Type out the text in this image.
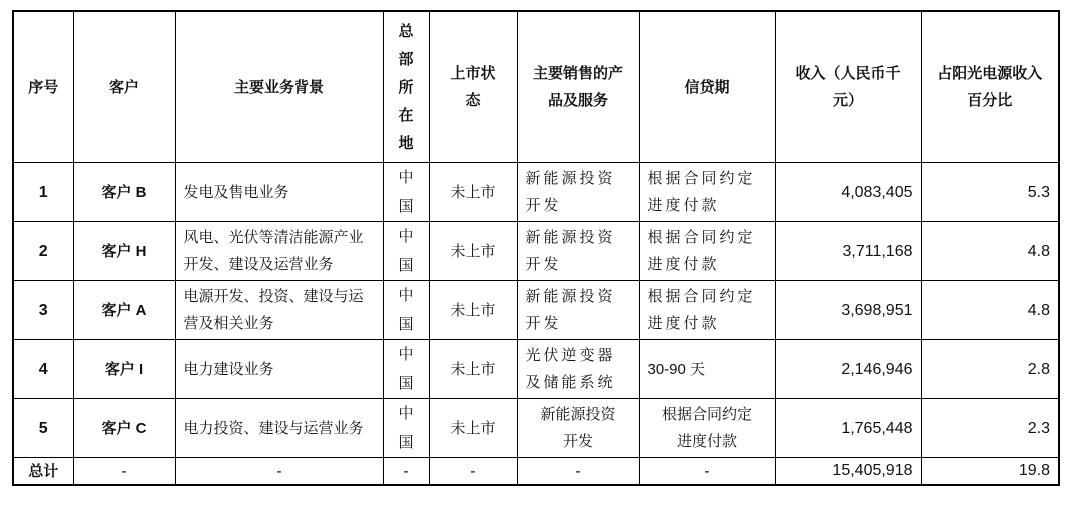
序号	客户	主要业务背景	总部所在地	上市状态	主要销售的产品及服务	信贷期	收入（人民币千元）	占阳光电源收入百分比
1	客户 B	发电及售电业务	中国	未上市	新能源投资开发	根据合同约定进度付款	4,083,405	5.3
2	客户 H	风电、光伏等清洁能源产业开发、建设及运营业务	中国	未上市	新能源投资开发	根据合同约定进度付款	3,711,168	4.8
3	客户 A	电源开发、投资、建设与运营及相关业务	中国	未上市	新能源投资开发	根据合同约定进度付款	3,698,951	4.8
4	客户 I	电力建设业务	中国	未上市	光伏逆变器及储能系统	30-90 天	2,146,946	2.8
5	客户 C	电力投资、建设与运营业务	中国	未上市	新能源投资开发	根据合同约定进度付款	1,765,448	2.3
总计	-	-	-	-	-	-	15,405,918	19.8
